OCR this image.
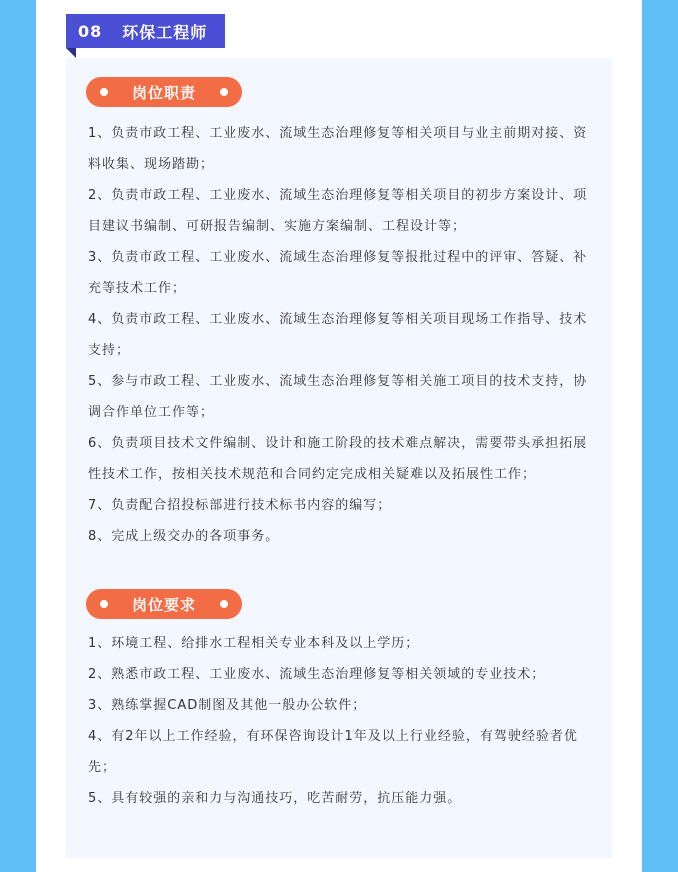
08 环保工程师
岗位职责

1、负责市政工程、工业废水、流域生态治理修复等相关项目与业主前期对接、资料收集、现场踏勘；

2、负责市政工程、工业废水、流域生态治理修复等相关项目的初步方案设计、项目建议书编制、可研报告编制、实施方案编制、工程设计等；

3、负责市政工程、工业废水、流域生态治理修复等报批过程中的评审、答疑、补充等技术工作；

4、负责市政工程、工业废水、流域生态治理修复等相关项目现场工作指导、技术支持；

5、参与市政工程、工业废水、流域生态治理修复等相关施工项目的技术支持，协调合作单位工作等；

6、负责项目技术文件编制、设计和施工阶段的技术难点解决，需要带头承担拓展性技术工作，按相关技术规范和合同约定完成相关疑难以及拓展性工作；

7、负责配合招投标部进行技术标书内容的编写；

8、完成上级交办的各项事务。

岗位要求

1、环境工程、给排水工程相关专业本科及以上学历；

2、熟悉市政工程、工业废水、流域生态治理修复等相关领域的专业技术；

3、熟练掌握CAD制图及其他一般办公软件；

4、有2年以上工作经验，有环保咨询设计1年及以上行业经验，有驾驶经验者优先；

5、具有较强的亲和力与沟通技巧，吃苦耐劳，抗压能力强。
